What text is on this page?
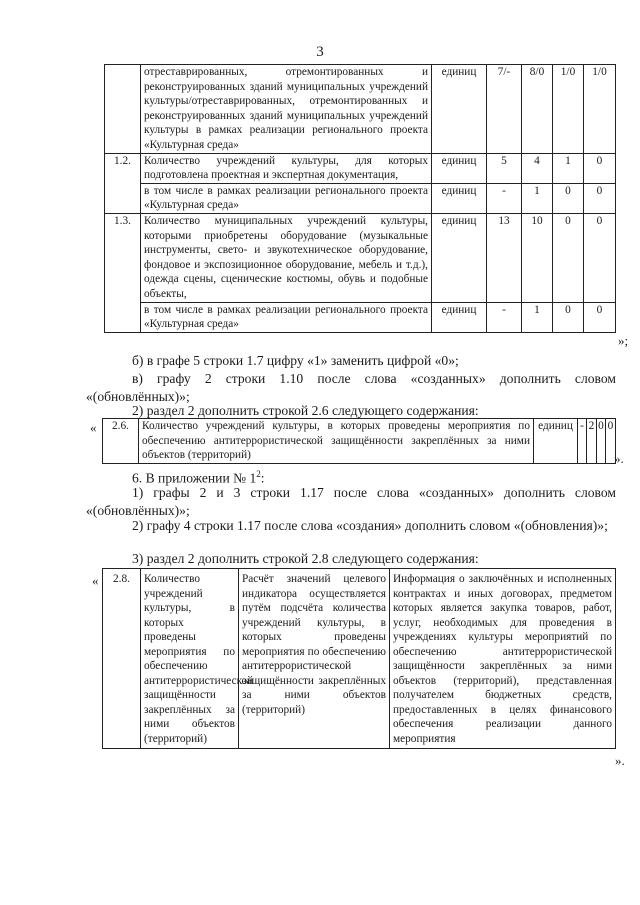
3
	отреставрированных, отремонтированных и реконструированных зданий муниципальных учреждений культуры/отреставрированных, отремонтированных и реконструированных зданий муниципальных учреждений культуры в рамках реализации регионального проекта «Культурная среда»	единиц	7/-	8/0	1/0	1/0
1.2.	Количество учреждений культуры, для которых подготовлена проектная и экспертная документация,	единиц	5	4	1	0
	в том числе в рамках реализации регионального проекта «Культурная среда»	единиц	-	1	0	0
1.3.	Количество муниципальных учреждений культуры, которыми приобретены оборудование (музыкальные инструменты, свето- и звукотехническое оборудование, фондовое и экспозиционное оборудование, мебель и т.д.), одежда сцены, сценические костюмы, обувь и подобные объекты,	единиц	13	10	0	0
	в том числе в рамках реализации регионального проекта «Культурная среда»	единиц	-	1	0	0
»;
б) в графе 5 строки 1.7 цифру «1» заменить цифрой «0»;
в) графу 2 строки 1.10 после слова «созданных» дополнить словом «(обновлённых)»;
2) раздел 2 дополнить строкой 2.6 следующего содержания:
« 2.6.	Количество учреждений культуры, в которых проведены мероприятия по обеспечению антитеррористической защищённости закреплённых за ними объектов (территорий)	единиц	-	2	0	0
».
6. В приложении № $1^2$:
1) графы 2 и 3 строки 1.17 после слова «созданных» дополнить словом «(обновлённых)»;
2) графу 4 строки 1.17 после слова «создания» дополнить словом «(обновления)»;
3) раздел 2 дополнить строкой 2.8 следующего содержания:
« 2.8.	Количество учреждений культуры, в которых проведены мероприятия по обеспечению антитеррористической защищённости закреплённых за ними объектов (территорий)	Расчёт значений целевого индикатора осуществляется путём подсчёта количества учреждений культуры, в которых проведены мероприятия по обеспечению антитеррористической защищённости закреплённых за ними объектов (территорий)	Информация о заключённых и исполненных контрактах и иных договорах, предметом которых является закупка товаров, работ, услуг, необходимых для проведения в учреждениях культуры мероприятий по обеспечению антитеррористической защищённости закреплённых за ними объектов (территорий), представленная получателем бюджетных средств, предоставленных в целях финансового обеспечения реализации данного мероприятия
».
